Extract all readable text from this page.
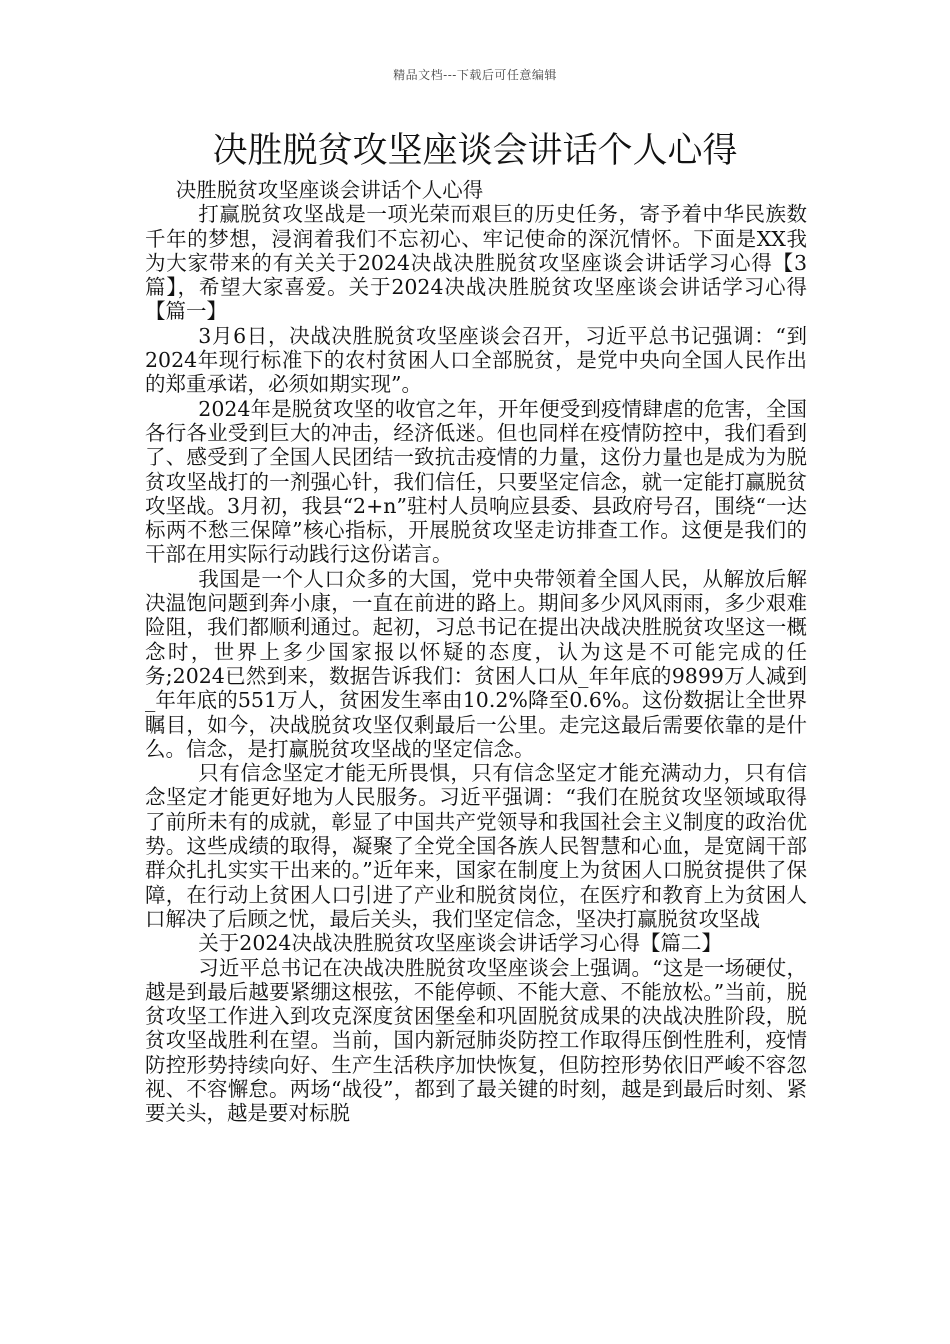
精品文档---下载后可任意编辑
决胜脱贫攻坚座谈会讲话个人心得

决胜脱贫攻坚座谈会讲话个人心得

打赢脱贫攻坚战是一项光荣而艰巨的历史任务，寄予着中华民族数千年的梦想，浸润着我们不忘初心、牢记使命的深沉情怀。下面是XX我为大家带来的有关关于2024决战决胜脱贫攻坚座谈会讲话学习心得【3篇】，希望大家喜爱。关于2024决战决胜脱贫攻坚座谈会讲话学习心得【篇一】

3月6日，决战决胜脱贫攻坚座谈会召开，习近平总书记强调：“到2024年现行标准下的农村贫困人口全部脱贫，是党中央向全国人民作出的郑重承诺，必须如期实现”。

2024年是脱贫攻坚的收官之年，开年便受到疫情肆虐的危害，全国各行各业受到巨大的冲击，经济低迷。但也同样在疫情防控中，我们看到了、感受到了全国人民团结一致抗击疫情的力量，这份力量也是成为为脱贫攻坚战打的一剂强心针，我们信任，只要坚定信念，就一定能打赢脱贫攻坚战。3月初，我县“2+n”驻村人员响应县委、县政府号召，围绕“一达标两不愁三保障”核心指标，开展脱贫攻坚走访排查工作。这便是我们的干部在用实际行动践行这份诺言。

我国是一个人口众多的大国，党中央带领着全国人民，从解放后解决温饱问题到奔小康，一直在前进的路上。期间多少风风雨雨，多少艰难险阻，我们都顺利通过。起初，习总书记在提出决战决胜脱贫攻坚这一概念时，世界上多少国家报以怀疑的态度，认为这是不可能完成的任务;2024已然到来，数据告诉我们：贫困人口从_年年底的9899万人减到_年年底的551万人，贫困发生率由10.2%降至0.6%。这份数据让全世界瞩目，如今，决战脱贫攻坚仅剩最后一公里。走完这最后需要依靠的是什么。信念，是打赢脱贫攻坚战的坚定信念。

只有信念坚定才能无所畏惧，只有信念坚定才能充满动力，只有信念坚定才能更好地为人民服务。习近平强调：“我们在脱贫攻坚领域取得了前所未有的成就，彰显了中国共产党领导和我国社会主义制度的政治优势。这些成绩的取得，凝聚了全党全国各族人民智慧和心血，是宽阔干部群众扎扎实实干出来的。”近年来，国家在制度上为贫困人口脱贫提供了保障，在行动上贫困人口引进了产业和脱贫岗位，在医疗和教育上为贫困人口解决了后顾之忧，最后关头，我们坚定信念，坚决打赢脱贫攻坚战

关于2024决战决胜脱贫攻坚座谈会讲话学习心得【篇二】

习近平总书记在决战决胜脱贫攻坚座谈会上强调。“这是一场硬仗，越是到最后越要紧绷这根弦，不能停顿、不能大意、不能放松。”当前，脱贫攻坚工作进入到攻克深度贫困堡垒和巩固脱贫成果的决战决胜阶段，脱贫攻坚战胜利在望。当前，国内新冠肺炎防控工作取得压倒性胜利，疫情防控形势持续向好、生产生活秩序加快恢复，但防控形势依旧严峻不容忽视、不容懈怠。两场“战役”，都到了最关键的时刻，越是到最后时刻、紧要关头，越是要对标脱
